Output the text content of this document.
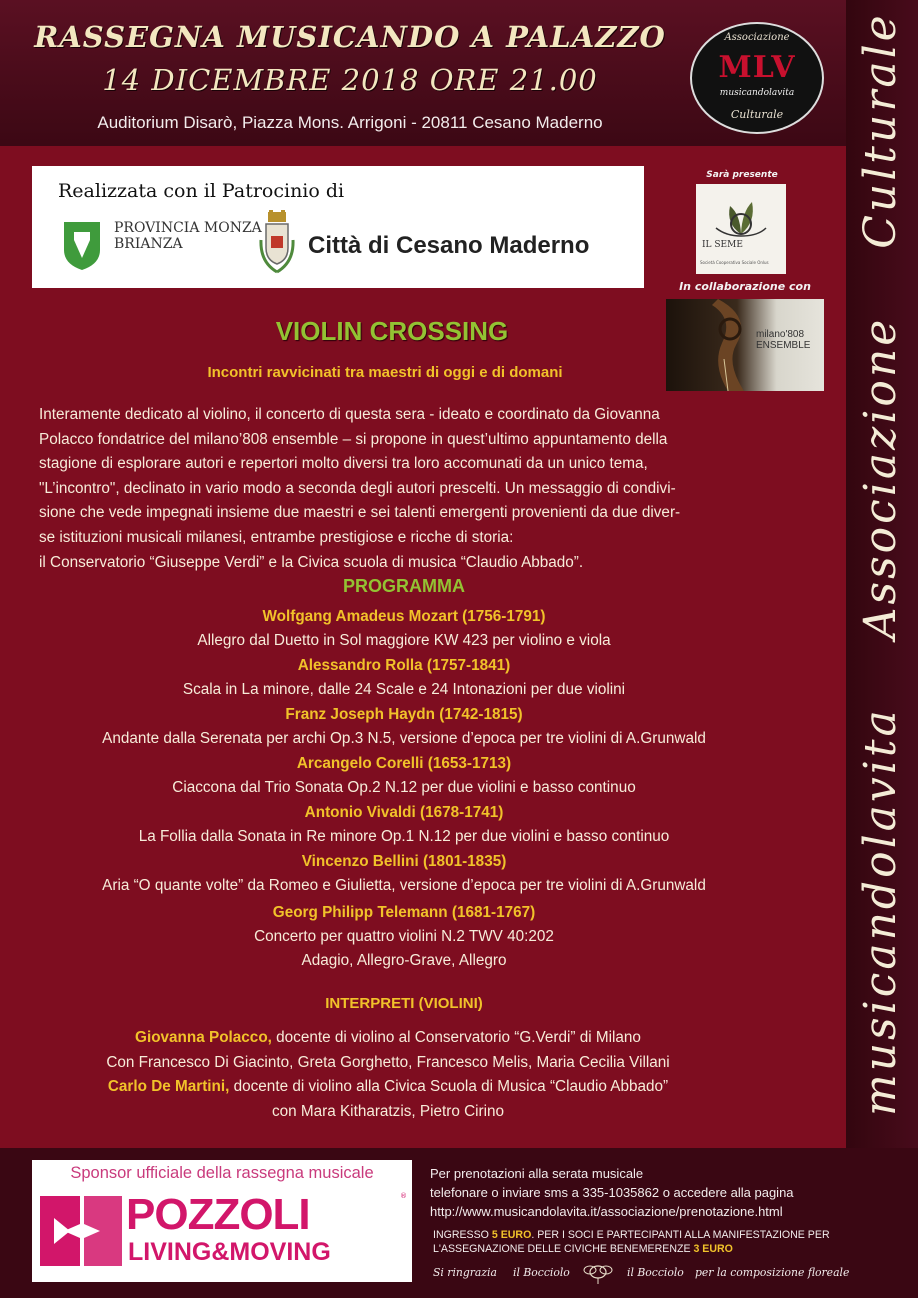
RASSEGNA MUSICANDO A PALAZZO
14 DICEMBRE 2018 ORE 21.00
Auditorium Disarò, Piazza Mons. Arrigoni - 20811 Cesano Maderno
Associazione
MLV
musicandolavita
Culturale
Realizzata con il Patrocinio di
PROVINCIA MONZA BRIANZA	Città di Cesano Maderno
Sarà presente
IL SEME
Società Cooperativa Sociale Onlus
In collaborazione con
milano'808 ENSEMBLE
VIOLIN CROSSING
Incontri ravvicinati tra maestri di oggi e di domani
Interamente dedicato al violino, il concerto di questa sera - ideato e coordinato da Giovanna
Polacco fondatrice del milano’808 ensemble – si propone in quest’ultimo appuntamento della
stagione di esplorare autori e repertori molto diversi tra loro accomunati da un unico tema,
"L’incontro", declinato in vario modo a seconda degli autori prescelti. Un messaggio di condivi-
sione che vede impegnati insieme due maestri e sei talenti emergenti provenienti da due diver-
se istituzioni musicali milanesi, entrambe prestigiose e ricche di storia:
il Conservatorio “Giuseppe Verdi” e la Civica scuola di musica “Claudio Abbado”.
PROGRAMMA
Wolfgang Amadeus Mozart (1756-1791)
Allegro dal Duetto in Sol maggiore KW 423 per violino e viola
Alessandro Rolla (1757-1841)
Scala in La minore, dalle 24 Scale e 24 Intonazioni per due violini
Franz Joseph Haydn (1742-1815)
Andante dalla Serenata per archi Op.3 N.5, versione d’epoca per tre violini di A.Grunwald
Arcangelo Corelli (1653-1713)
Ciaccona dal Trio Sonata Op.2 N.12 per due violini e basso continuo
Antonio Vivaldi (1678-1741)
La Follia dalla Sonata in Re minore Op.1 N.12 per due violini e basso continuo
Vincenzo Bellini (1801-1835)
Aria “O quante volte” da Romeo e Giulietta, versione d’epoca per tre violini di A.Grunwald
Georg Philipp Telemann (1681-1767)
Concerto per quattro violini N.2 TWV 40:202
Adagio, Allegro-Grave, Allegro
INTERPRETI (VIOLINI)
Giovanna Polacco, docente di violino al Conservatorio “G.Verdi” di Milano
Con Francesco Di Giacinto, Greta Gorghetto, Francesco Melis, Maria Cecilia Villani
Carlo De Martini, docente di violino alla Civica Scuola di Musica “Claudio Abbado”
con Mara Kitharatzis, Pietro Cirino	musicandolavitaAssociazioneCulturale
Sponsor ufficiale della rassegna musicale
POZZOLI	®
LIVING&MOVING
Per prenotazioni alla serata musicale
telefonare o inviare sms a 335-1035862 o accedere alla pagina
http://www.musicandolavita.it/associazione/prenotazione.html
INGRESSO 5 EURO. PER I SOCI E PARTECIPANTI ALLA MANIFESTAZIONE PER
L'ASSEGNAZIONE DELLE CIVICHE BENEMERENZE 3 EURO
Si ringrazia il Bocciolo	il Bocciolo per la composizione floreale
